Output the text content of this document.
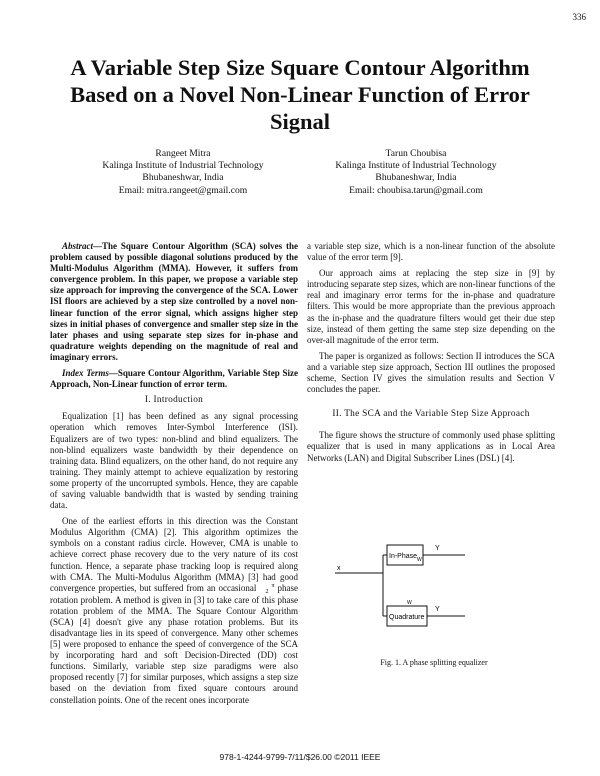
336
A Variable Step Size Square Contour Algorithm Based on a Novel Non-Linear Function of Error Signal
Rangeet Mitra
Kalinga Institute of Industrial Technology
Bhubaneshwar, India
Email: mitra.rangeet@gmail.com
Tarun Choubisa
Kalinga Institute of Industrial Technology
Bhubaneshwar, India
Email: choubisa.tarun@gmail.com

Abstract—The Square Contour Algorithm (SCA) solves the problem caused by possible diagonal solutions produced by the Multi-Modulus Algorithm (MMA). However, it suffers from convergence problem. In this paper, we propose a variable step size approach for improving the convergence of the SCA. Lower ISI floors are achieved by a step size controlled by a novel non-linear function of the error signal, which assigns higher step sizes in initial phases of convergence and smaller step size in the later phases and using separate step sizes for in-phase and quadrature weights depending on the magnitude of real and imaginary errors.

Index Terms—Square Contour Algorithm, Variable Step Size Approach, Non-Linear function of error term.

I. Introduction

Equalization [1] has been defined as any signal processing operation which removes Inter-Symbol Interference (ISI). Equalizers are of two types: non-blind and blind equalizers. The non-blind equalizers waste bandwidth by their dependence on training data. Blind equalizers, on the other hand, do not require any training. They mainly attempt to achieve equalization by restoring some property of the uncorrupted symbols. Hence, they are capable of saving valuable bandwidth that is wasted by sending training data.

One of the earliest efforts in this direction was the Constant Modulus Algorithm (CMA) [2]. This algorithm optimizes the symbols on a constant radius circle. However, CMA is unable to achieve correct phase recovery due to the very nature of its cost function. Hence, a separate phase tracking loop is required along with CMA. The Multi-Modulus Algorithm (MMA) [3] had good convergence properties, but suffered from an occasional	π
2 phase rotation problem. A method is given in [3] to take care of this phase rotation problem of the MMA. The Square Contour Algorithm (SCA) [4] doesn't give any phase rotation problems. But its disadvantage lies in its speed of convergence. Many other schemes [5] were proposed to enhance the speed of convergence of the SCA by incorporating hard and soft Decision-Directed (DD) cost functions. Similarly, variable step size paradigms were also proposed recently [7] for similar purposes, which assigns a step size based on the deviation from fixed square contours around constellation points. One of the recent ones incorporate

a variable step size, which is a non-linear function of the absolute value of the error term [9].

Our approach aims at replacing the step size in [9] by introducing separate step sizes, which are non-linear functions of the real and imaginary error terms for the in-phase and quadrature filters. This would be more appropriate than the previous approach as the in-phase and the quadrature filters would get their due step size, instead of them getting the same step size depending on the over-all magnitude of the error term.

The paper is organized as follows: Section II introduces the SCA and a variable step size approach, Section III outlines the proposed scheme, Section IV gives the simulation results and Section V concludes the paper.

II. The SCA and the Variable Step Size Approach

The figure shows the structure of commonly used phase splitting equalizer that is used in many applications as in Local Area Networks (LAN) and Digital Subscriber Lines (DSL) [4].

x
In-Phase W
Y
Quadrature
W
Y
Fig. 1. A phase splitting equalizer
978-1-4244-9799-7/11/$26.00 ©2011 IEEE
